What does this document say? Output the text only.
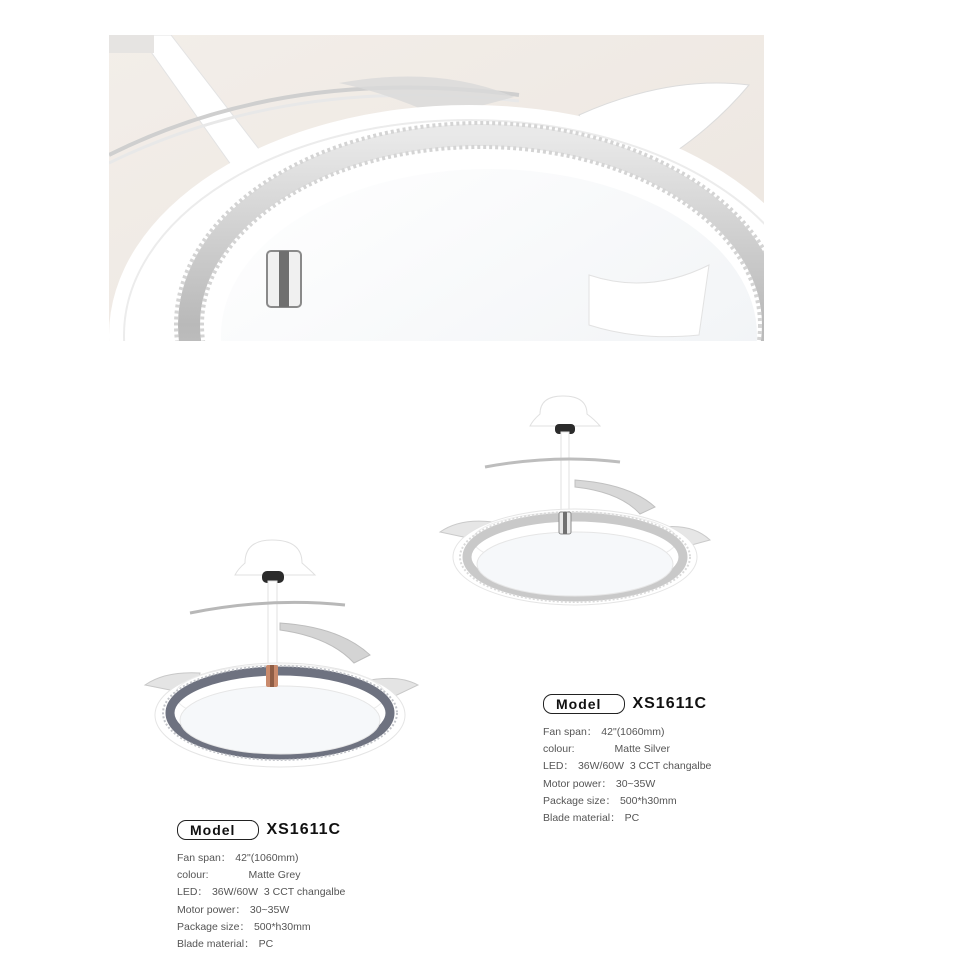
Model	XS1611C
Fan span： 42"(1060mm)
colour:	Matte Grey
LED： 36W/60W  3 CCT changalbe
Motor power： 30~35W
Package size： 500*h30mm
Blade material： PC
Model	XS1611C
Fan span： 42"(1060mm)
colour:	Matte Silver
LED： 36W/60W  3 CCT changalbe
Motor power： 30~35W
Package size： 500*h30mm
Blade material： PC
